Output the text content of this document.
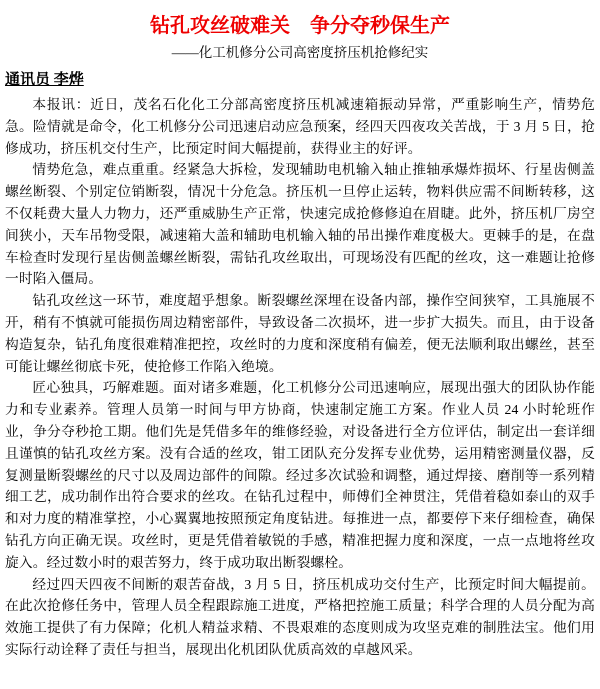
钻孔攻丝破难关　争分夺秒保生产
——化工机修分公司高密度挤压机抢修纪实
通讯员 李烨

本报讯：近日，茂名石化化工分部高密度挤压机减速箱振动异常，严重影响生产，情势危急。险情就是命令，化工机修分公司迅速启动应急预案，经四天四夜攻关苦战，于 3 月 5 日，抢修成功，挤压机交付生产，比预定时间大幅提前，获得业主的好评。

情势危急，难点重重。经紧急大拆检，发现辅助电机输入轴止推轴承爆炸损坏、行星齿侧盖螺丝断裂、个别定位销断裂，情况十分危急。挤压机一旦停止运转，物料供应需不间断转移，这不仅耗费大量人力物力，还严重威胁生产正常，快速完成抢修修迫在眉睫。此外，挤压机厂房空间狭小，天车吊物受限，减速箱大盖和辅助电机输入轴的吊出操作难度极大。更棘手的是，在盘车检查时发现行星齿侧盖螺丝断裂，需钻孔攻丝取出，可现场没有匹配的丝攻，这一难题让抢修一时陷入僵局。

钻孔攻丝这一环节，难度超乎想象。断裂螺丝深埋在设备内部，操作空间狭窄，工具施展不开，稍有不慎就可能损伤周边精密部件，导致设备二次损坏，进一步扩大损失。而且，由于设备构造复杂，钻孔角度很难精准把控，攻丝时的力度和深度稍有偏差，便无法顺利取出螺丝，甚至可能让螺丝彻底卡死，使抢修工作陷入绝境。

匠心独具，巧解难题。面对诸多难题，化工机修分公司迅速响应，展现出强大的团队协作能力和专业素养。管理人员第一时间与甲方协商，快速制定施工方案。作业人员 24 小时轮班作业，争分夺秒抢工期。他们先是凭借多年的维修经验，对设备进行全方位评估，制定出一套详细且谨慎的钻孔攻丝方案。没有合适的丝攻，钳工团队充分发挥专业优势，运用精密测量仪器，反复测量断裂螺丝的尺寸以及周边部件的间隙。经过多次试验和调整，通过焊接、磨削等一系列精细工艺，成功制作出符合要求的丝攻。在钻孔过程中，师傅们全神贯注，凭借着稳如泰山的双手和对力度的精准掌控，小心翼翼地按照预定角度钻进。每推进一点，都要停下来仔细检查，确保钻孔方向正确无误。攻丝时，更是凭借着敏锐的手感，精准把握力度和深度，一点一点地将丝攻旋入。经过数小时的艰苦努力，终于成功取出断裂螺栓。

经过四天四夜不间断的艰苦奋战，3 月 5 日，挤压机成功交付生产，比预定时间大幅提前。在此次抢修任务中，管理人员全程跟踪施工进度，严格把控施工质量；科学合理的人员分配为高效施工提供了有力保障；化机人精益求精、不畏艰难的态度则成为攻坚克难的制胜法宝。他们用实际行动诠释了责任与担当，展现出化机团队优质高效的卓越风采。
